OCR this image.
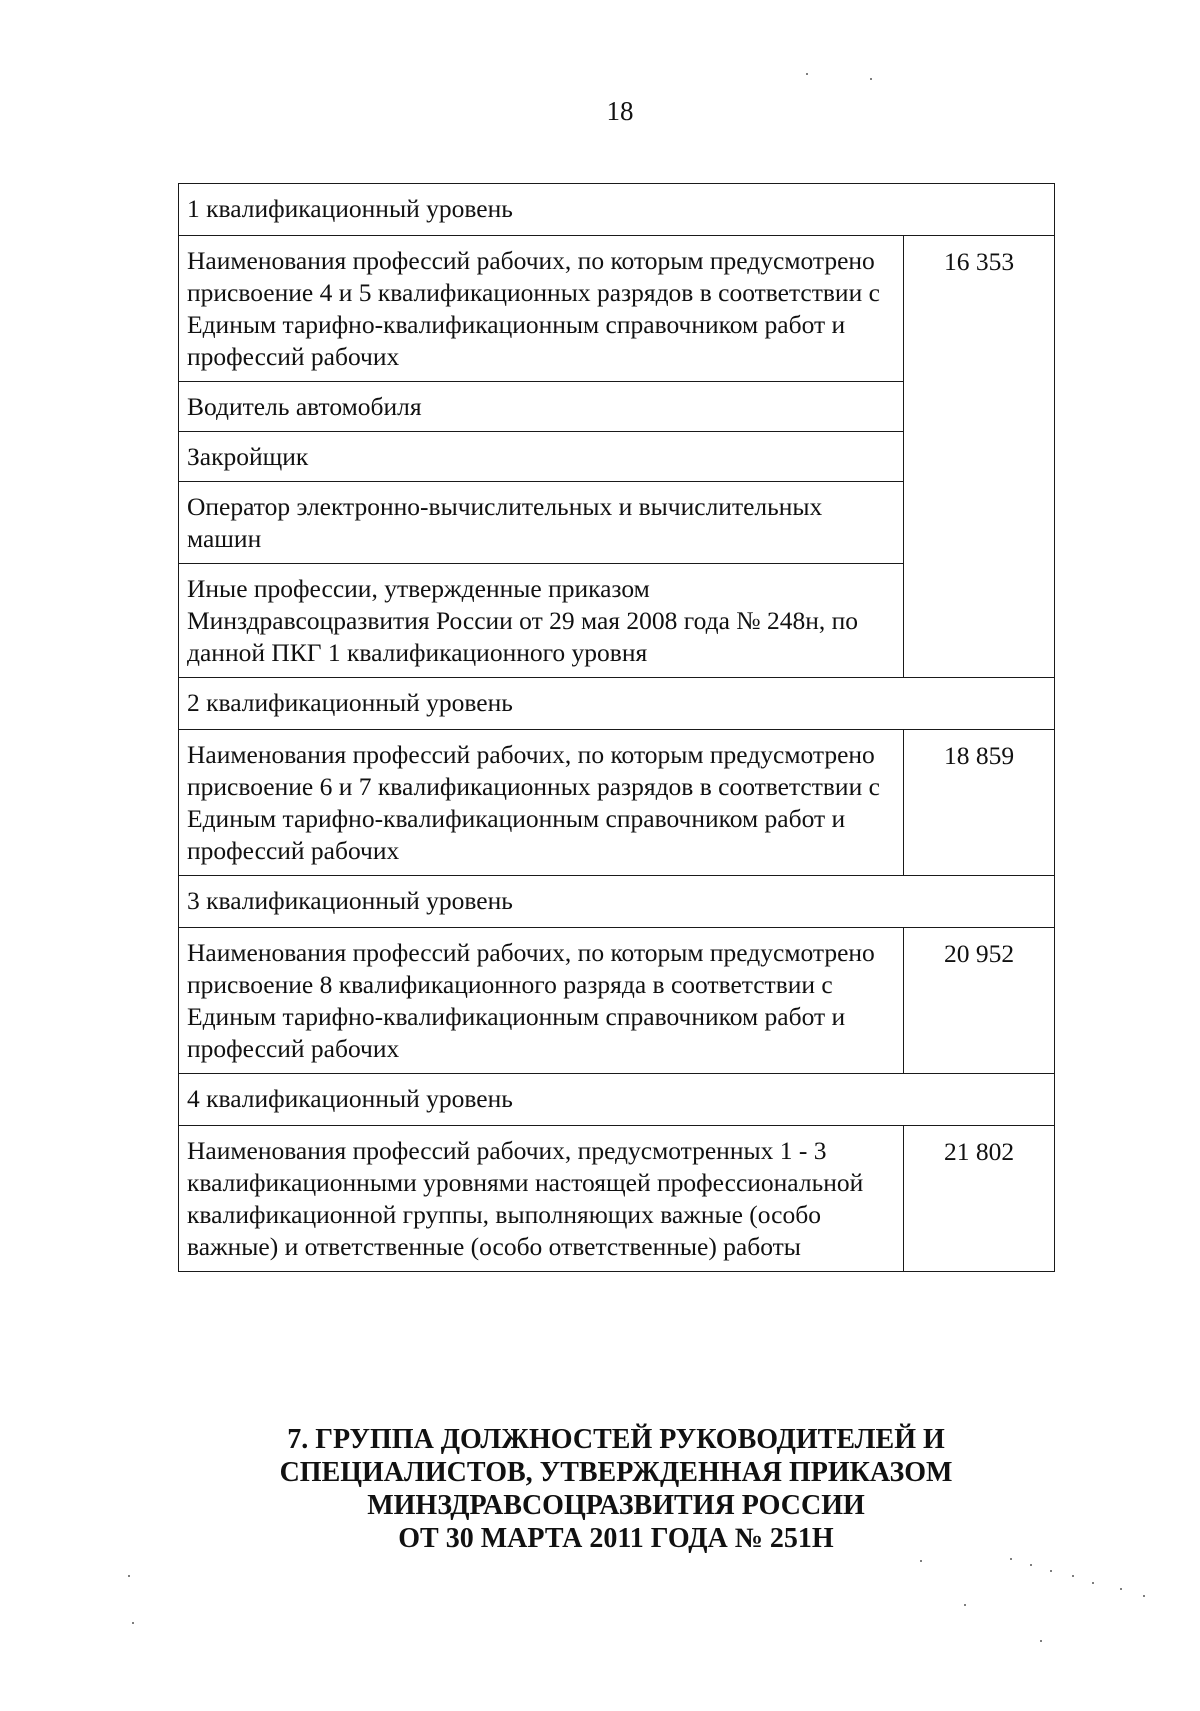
18
1 квалификационный уровень	
Наименования профессий рабочих, по которым предусмотрено присвоение 4 и 5 квалификационных разрядов в соответствии с Единым тарифно-квалификационным справочником работ и профессий рабочих	16 353
Водитель автомобиля	
Закройщик	
Оператор электронно-вычислительных и вычислительных машин	
Иные профессии, утвержденные приказом Минздравсоцразвития России от 29 мая 2008 года № 248н, по данной ПКГ 1 квалификационного уровня	
2 квалификационный уровень	
Наименования профессий рабочих, по которым предусмотрено присвоение 6 и 7 квалификационных разрядов в соответствии с Единым тарифно-квалификационным справочником работ и профессий рабочих	18 859
3 квалификационный уровень	
Наименования профессий рабочих, по которым предусмотрено присвоение 8 квалификационного разряда в соответствии с Единым тарифно-квалификационным справочником работ и профессий рабочих	20 952
4 квалификационный уровень	
Наименования профессий рабочих, предусмотренных 1 - 3 квалификационными уровнями настоящей профессиональной квалификационной группы, выполняющих важные (особо важные) и ответственные (особо ответственные) работы	21 802
7. ГРУППА ДОЛЖНОСТЕЙ РУКОВОДИТЕЛЕЙ И
СПЕЦИАЛИСТОВ, УТВЕРЖДЕННАЯ ПРИКАЗОМ
МИНЗДРАВСОЦРАЗВИТИЯ РОССИИ
ОТ 30 МАРТА 2011 ГОДА № 251Н
